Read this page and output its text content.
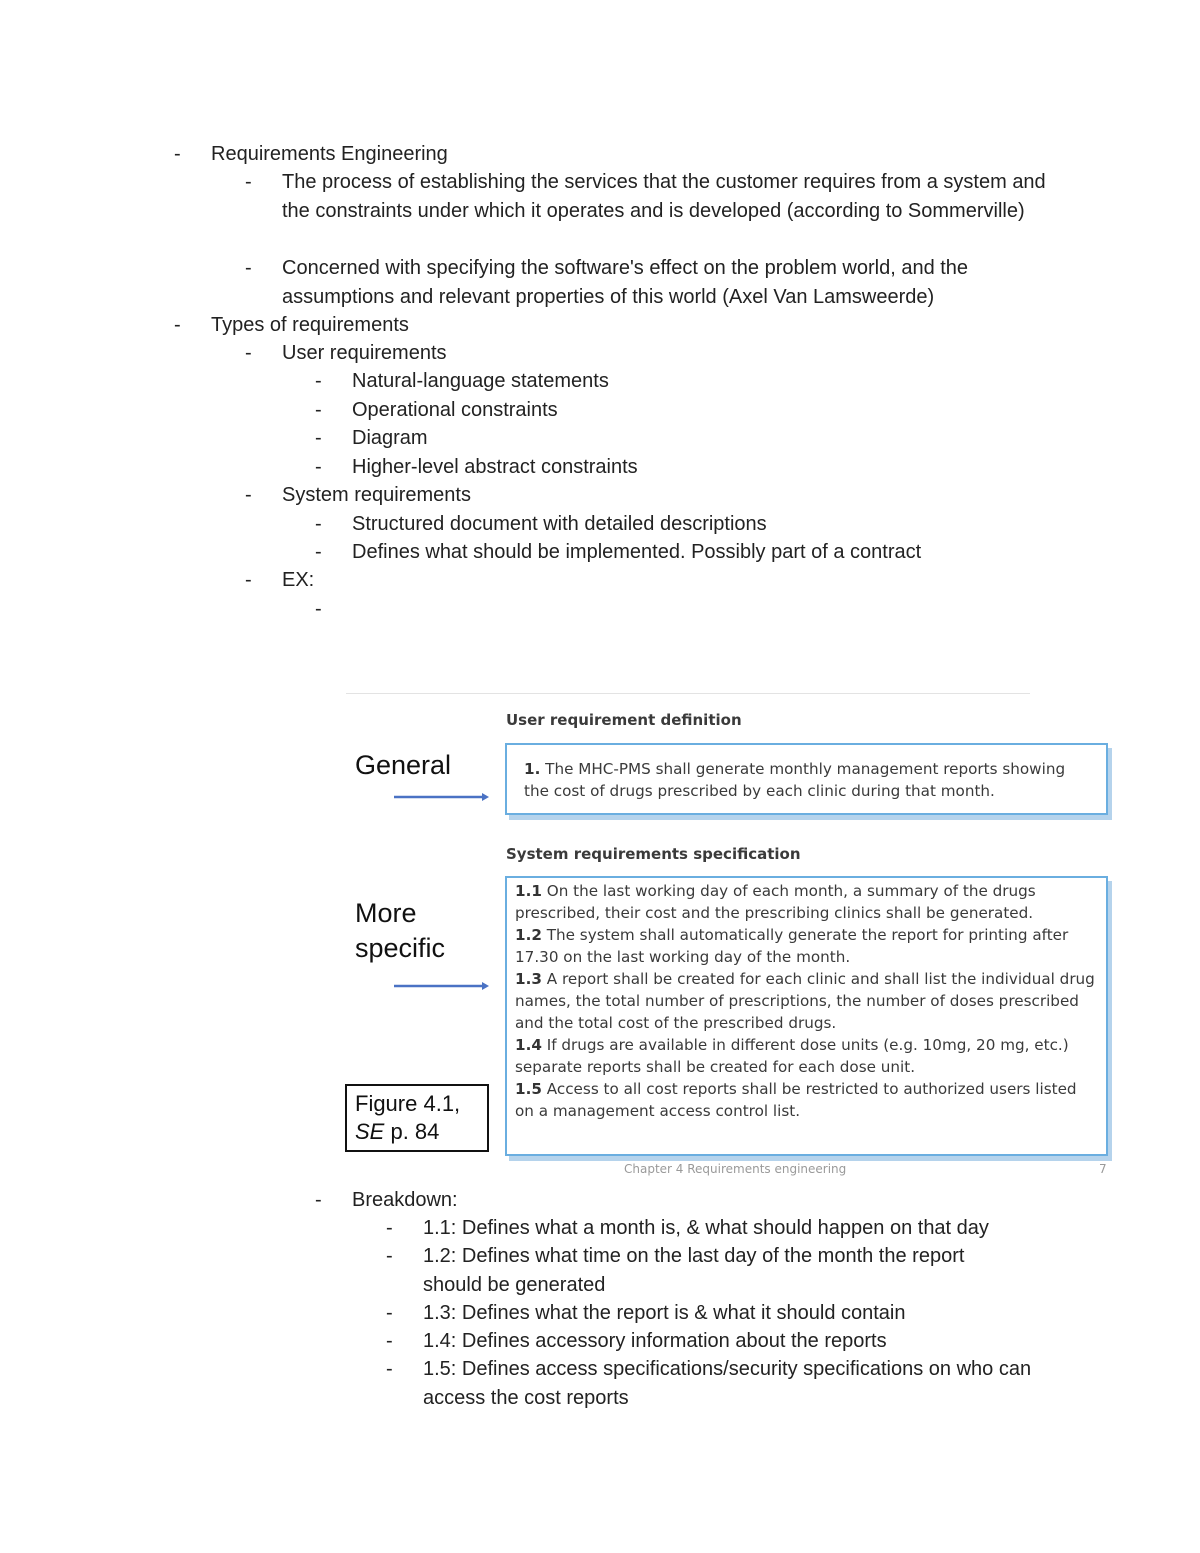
- Requirements Engineering
- The process of establishing the services that the customer requires from a system and the constraints under which it operates and is developed (according to Sommerville)
- Concerned with specifying the software's effect on the problem world, and the assumptions and relevant properties of this world (Axel Van Lamsweerde)
- Types of requirements
- User requirements
- Natural-language statements
- Operational constraints
- Diagram
- Higher-level abstract constraints
- System requirements
- Structured document with detailed descriptions
- Defines what should be implemented. Possibly part of a contract
- EX:
-
User requirement definition
General	1. The MHC-PMS shall generate monthly management reports showing the cost of drugs prescribed by each clinic during that month.
System requirements specification
More
specific
1.1 On the last working day of each month, a summary of the drugs prescribed, their cost and the prescribing clinics shall be generated.
1.2 The system shall automatically generate the report for printing after 17.30 on the last working day of the month.
1.3 A report shall be created for each clinic and shall list the individual drug names, the total number of prescriptions, the number of doses prescribed and the total cost of the prescribed drugs.
1.4 If drugs are available in different dose units (e.g. 10mg, 20 mg, etc.) separate reports shall be created for each dose unit.
1.5 Access to all cost reports shall be restricted to authorized users listed on a management access control list.
Figure 4.1,
SE p. 84
Chapter 4 Requirements engineering	7
- Breakdown:
- 1.1: Defines what a month is, & what should happen on that day
- 1.2: Defines what time on the last day of the month the report should be generated
- 1.3: Defines what the report is & what it should contain
- 1.4: Defines accessory information about the reports
- 1.5: Defines access specifications/security specifications on who can access the cost reports
